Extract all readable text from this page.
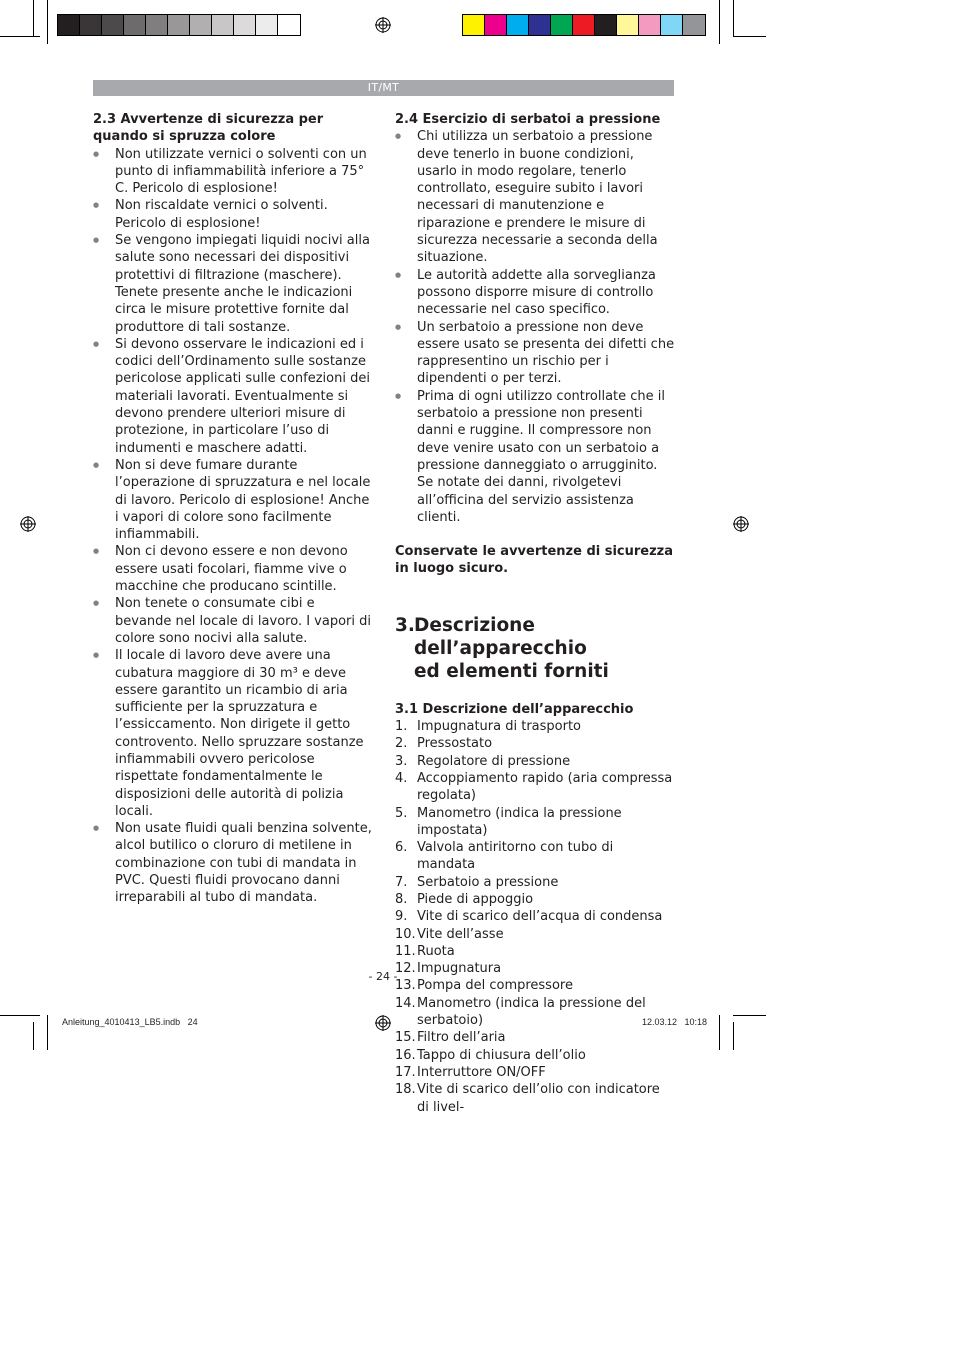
IT/MT

2.3 Avvertenze di sicurezza per quando si spruzza colore

● Non utilizzate vernici o solventi con un punto di infiammabilità inferiore a 75° C. Pericolo di esplosione!

● Non riscaldate vernici o solventi. Pericolo di esplosione!

● Se vengono impiegati liquidi nocivi alla salute sono necessari dei dispositivi protettivi di filtrazione (maschere). Tenete presente anche le indicazioni circa le misure protettive fornite dal produttore di tali sostanze.

● Si devono osservare le indicazioni ed i codici dell’Ordinamento sulle sostanze pericolose applicati sulle confezioni dei materiali lavorati. Eventualmente si devono prendere ulteriori misure di protezione, in particolare l’uso di indumenti e maschere adatti.

● Non si deve fumare durante l’operazione di spruzzatura e nel locale di lavoro. Pericolo di esplosione! Anche i vapori di colore sono facilmente infiammabili.

● Non ci devono essere e non devono essere usati focolari, fiamme vive o macchine che producano scintille.

● Non tenete o consumate cibi e bevande nel locale di lavoro. I vapori di colore sono nocivi alla salute.

● Il locale di lavoro deve avere una cubatura maggiore di 30 m³ e deve essere garantito un ricambio di aria sufficiente per la spruzzatura e l’essiccamento. Non dirigete il getto controvento. Nello spruzzare sostanze infiammabili ovvero pericolose rispettate fondamentalmente le disposizioni delle autorità di polizia locali.

● Non usate fluidi quali benzina solvente, alcol butilico o cloruro di metilene in combinazione con tubi di mandata in PVC. Questi fluidi provocano danni irreparabili al tubo di mandata.

2.4 Esercizio di serbatoi a pressione

● Chi utilizza un serbatoio a pressione deve tenerlo in buone condizioni, usarlo in modo regolare, tenerlo controllato, eseguire subito i lavori necessari di manutenzione e riparazione e prendere le misure di sicurezza necessarie a seconda della situazione.

● Le autorità addette alla sorveglianza possono disporre misure di controllo necessarie nel caso specifico.

● Un serbatoio a pressione non deve essere usato se presenta dei difetti che rappresentino un rischio per i dipendenti o per terzi.

● Prima di ogni utilizzo controllate che il serbatoio a pressione non presenti danni e ruggine. Il compressore non deve venire usato con un serbatoio a pressione danneggiato o arrugginito. Se notate dei danni, rivolgetevi all’officina del servizio assistenza clienti.

Conservate le avvertenze di sicurezza in luogo sicuro.

3. Descrizione dell’apparecchio

ed elementi forniti

3.1 Descrizione dell’apparecchio

1. Impugnatura di trasporto
2. Pressostato
3. Regolatore di pressione
4. Accoppiamento rapido (aria compressa regolata)
5. Manometro (indica la pressione impostata)
6. Valvola antiritorno con tubo di mandata
7. Serbatoio a pressione
8. Piede di appoggio
9. Vite di scarico dell’acqua di condensa
10. Vite dell’asse
11. Ruota
12. Impugnatura
13. Pompa del compressore
14. Manometro (indica la pressione del serbatoio)
15. Filtro dell’aria
16. Tappo di chiusura dell’olio
17. Interruttore ON/OFF
18. Vite di scarico dell’olio con indicatore di livel-
- 24 -
Anleitung_4010413_LB5.indb   24	12.03.12   10:18
